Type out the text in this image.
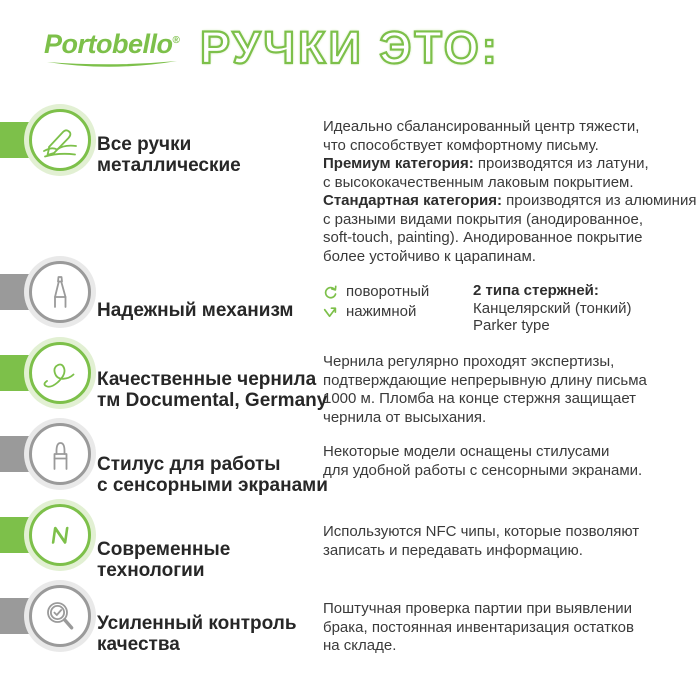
Portobello® РУЧКИ ЭТО:
Все ручки
металлические
Идеально сбалансированный центр тяжести,
что способствует комфортному письму.
Премиум категория: производятся из латуни,
с высококачественным лаковым покрытием.
Стандартная категория: производятся из алюминия
с разными видами покрытия (анодированное,
soft-touch, painting). Анодированное покрытие
более устойчиво к царапинам.
Надежный механизм
поворотный
нажимной
2 типа стержней:
Канцелярский (тонкий)
Parker type
Качественные чернила
тм Documental, Germany
Чернила регулярно проходят экспертизы,
подтверждающие непрерывную длину письма
1000 м. Пломба на конце стержня защищает
чернила от высыхания.
Стилус для работы
с сенсорными экранами
Некоторые модели оснащены стилусами
для удобной работы с сенсорными экранами.
Современные
технологии
Используются NFC чипы, которые позволяют
записать и передавать информацию.
Усиленный контроль
качества
Поштучная проверка партии при выявлении
брака, постоянная инвентаризация остатков
на складе.
